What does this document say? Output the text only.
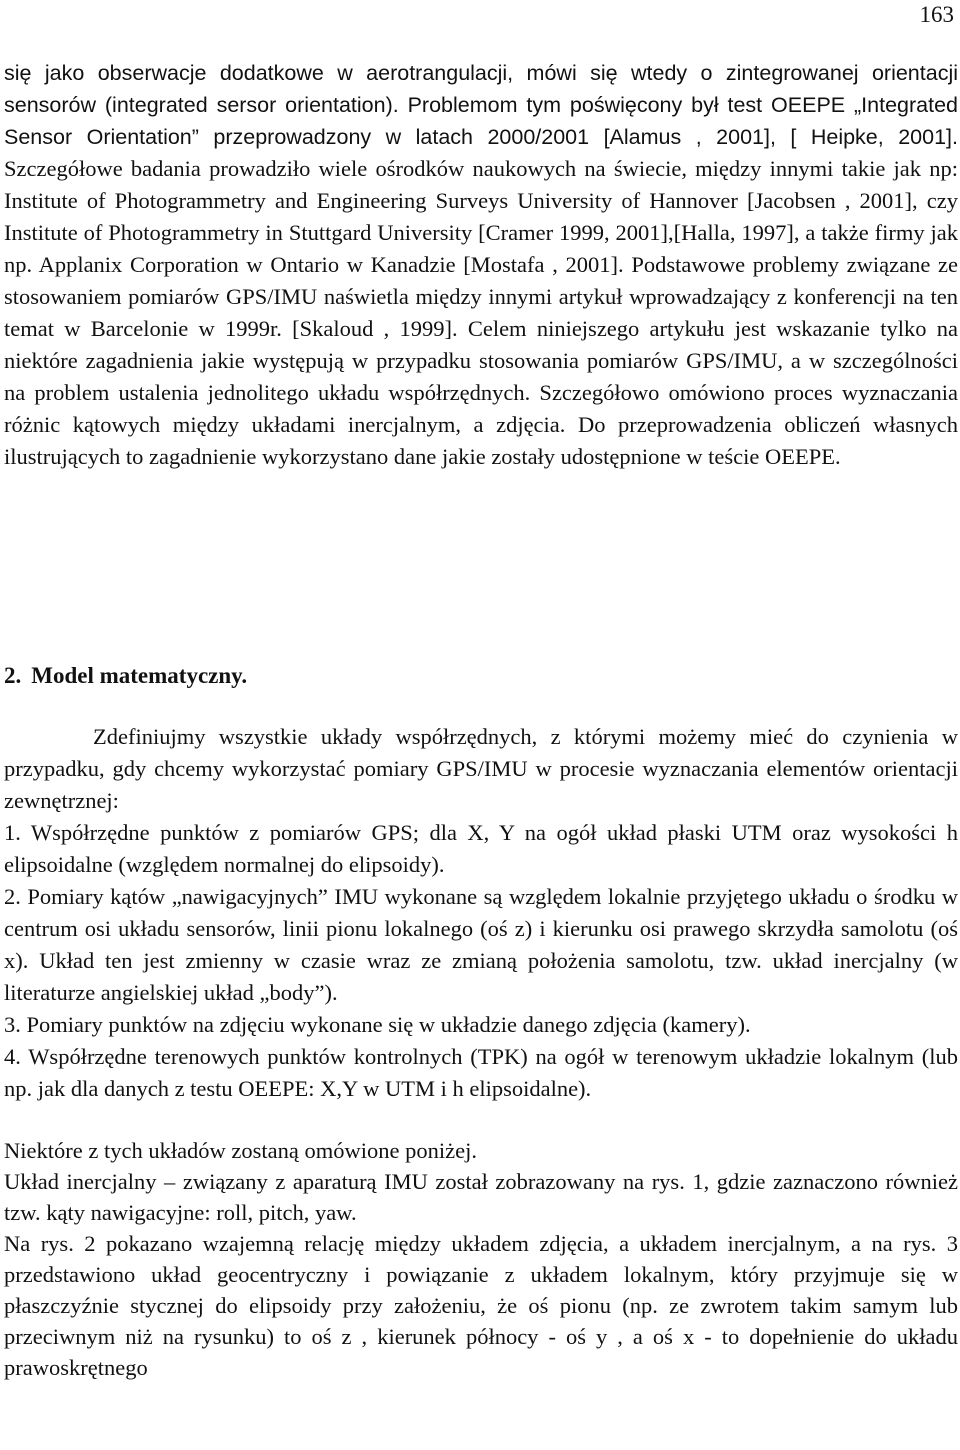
163
się jako obserwacje dodatkowe w aerotrangulacji, mówi się wtedy o zintegrowanej orientacji sensorów (integrated sersor orientation). Problemom tym poświęcony był test OEEPE „Integrated Sensor Orientation” przeprowadzony w latach 2000/2001 [Alamus , 2001], [ Heipke, 2001]. Szczegółowe badania prowadziło wiele ośrodków naukowych na świecie, między innymi takie jak np: Institute of Photogrammetry and Engineering Surveys University of Hannover [Jacobsen , 2001], czy Institute of Photogrammetry in Stuttgard University [Cramer 1999, 2001],[Halla, 1997], a także firmy jak np. Applanix Corporation w Ontario w Kanadzie [Mostafa , 2001]. Podstawowe problemy związane ze stosowaniem pomiarów GPS/IMU naświetla między innymi artykuł wprowadzający z konferencji na ten temat w Barcelonie w 1999r. [Skaloud , 1999]. Celem niniejszego artykułu jest wskazanie tylko na niektóre zagadnienia jakie występują w przypadku stosowania pomiarów GPS/IMU, a w szczególności na problem ustalenia jednolitego układu współrzędnych. Szczegółowo omówiono proces wyznaczania różnic kątowych między układami inercjalnym, a zdjęcia. Do przeprowadzenia obliczeń własnych ilustrujących to zagadnienie wykorzystano dane jakie zostały udostępnione w teście OEEPE.
2. Model matematyczny.

Zdefiniujmy wszystkie układy współrzędnych, z którymi możemy mieć do czynienia w przypadku, gdy chcemy wykorzystać pomiary GPS/IMU w procesie wyznaczania elementów orientacji zewnętrznej:

1. Współrzędne punktów z pomiarów GPS; dla X, Y na ogół układ płaski UTM oraz wysokości h elipsoidalne (względem normalnej do elipsoidy).

2. Pomiary kątów „nawigacyjnych” IMU wykonane są względem lokalnie przyjętego układu o środku w centrum osi układu sensorów, linii pionu lokalnego (oś z) i kierunku osi prawego skrzydła samolotu (oś x). Układ ten jest zmienny w czasie wraz ze zmianą położenia samolotu, tzw. układ inercjalny (w literaturze angielskiej układ „body”).

3. Pomiary punktów na zdjęciu wykonane się w układzie danego zdjęcia (kamery).

4. Współrzędne terenowych punktów kontrolnych (TPK) na ogół w terenowym układzie lokalnym (lub np. jak dla danych z testu OEEPE: X,Y w UTM i h elipsoidalne).

Niektóre z tych układów zostaną omówione poniżej.

Układ inercjalny – związany z aparaturą IMU został zobrazowany na rys. 1, gdzie zaznaczono również tzw. kąty nawigacyjne: roll, pitch, yaw.

Na rys. 2 pokazano wzajemną relację między układem zdjęcia, a układem inercjalnym, a na rys. 3 przedstawiono układ geocentryczny i powiązanie z układem lokalnym, który przyjmuje się w płaszczyźnie stycznej do elipsoidy przy założeniu, że oś pionu (np. ze zwrotem takim samym lub przeciwnym niż na rysunku) to oś z , kierunek północy - oś y , a oś x - to dopełnienie do układu prawoskrętnego
